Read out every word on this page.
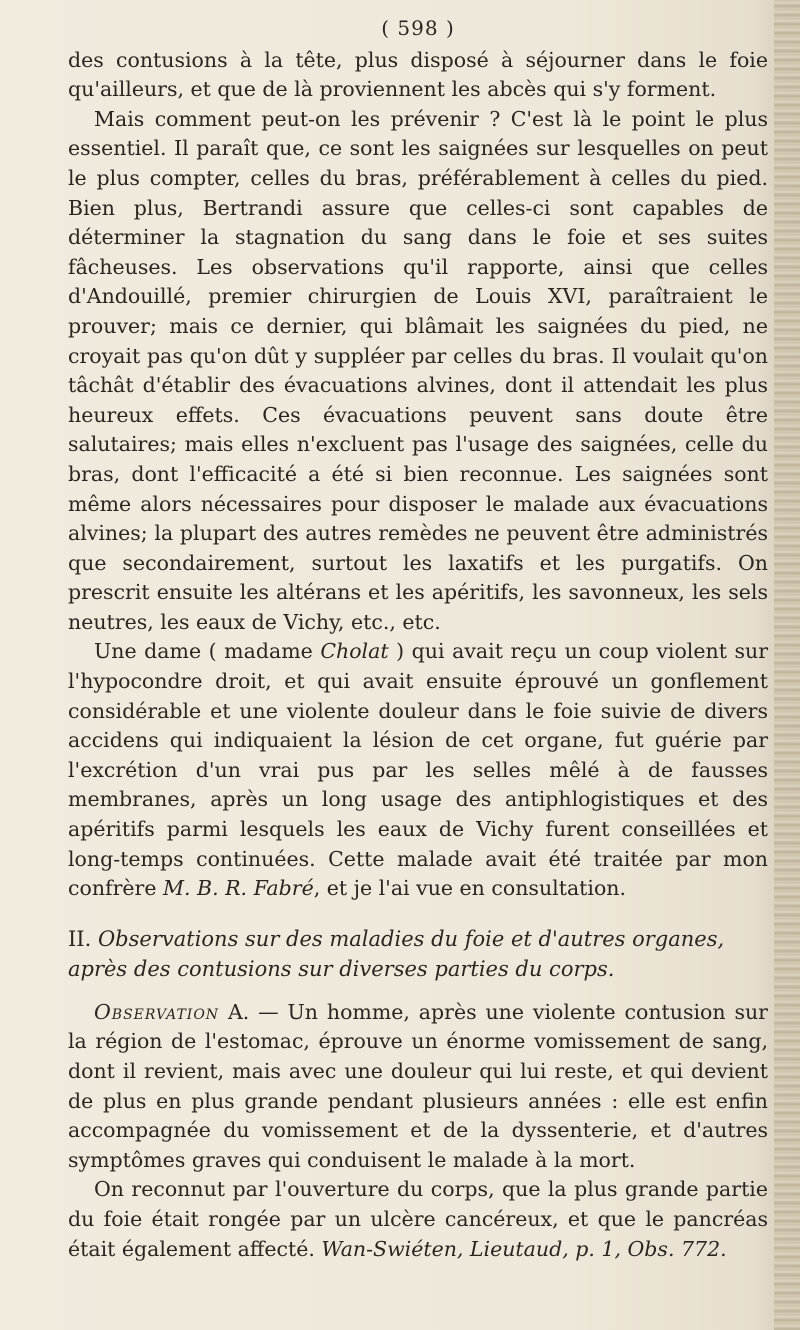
( 598 )

des contusions à la tête, plus disposé à séjourner dans le foie qu'ailleurs, et que de là proviennent les abcès qui s'y forment.

Mais comment peut-on les prévenir ? C'est là le point le plus essentiel. Il paraît que, ce sont les saignées sur lesquelles on peut le plus compter, celles du bras, préférablement à celles du pied. Bien plus, Bertrandi assure que celles-ci sont capables de déterminer la stagnation du sang dans le foie et ses suites fâcheuses. Les observations qu'il rapporte, ainsi que celles d'Andouillé, premier chirurgien de Louis XVI, paraîtraient le prouver; mais ce dernier, qui blâmait les saignées du pied, ne croyait pas qu'on dût y suppléer par celles du bras. Il voulait qu'on tâchât d'établir des évacuations alvines, dont il attendait les plus heureux effets. Ces évacuations peuvent sans doute être salutaires; mais elles n'excluent pas l'usage des saignées, celle du bras, dont l'efficacité a été si bien reconnue. Les saignées sont même alors nécessaires pour disposer le malade aux évacuations alvines; la plupart des autres remèdes ne peuvent être administrés que secondairement, surtout les laxatifs et les purgatifs. On prescrit ensuite les altérans et les apéritifs, les savonneux, les sels neutres, les eaux de Vichy, etc., etc.

Une dame ( madame Cholat ) qui avait reçu un coup violent sur l'hypocondre droit, et qui avait ensuite éprouvé un gonflement considérable et une violente douleur dans le foie suivie de divers accidens qui indiquaient la lésion de cet organe, fut guérie par l'excrétion d'un vrai pus par les selles mêlé à de fausses membranes, après un long usage des antiphlogistiques et des apéritifs parmi lesquels les eaux de Vichy furent conseillées et long-temps continuées. Cette malade avait été traitée par mon confrère M. B. R. Fabré, et je l'ai vue en consultation.

II. Observations sur des maladies du foie et d'autres organes, après des contusions sur diverses parties du corps.

Observation A. — Un homme, après une violente contusion sur la région de l'estomac, éprouve un énorme vomissement de sang, dont il revient, mais avec une douleur qui lui reste, et qui devient de plus en plus grande pendant plusieurs années : elle est enfin accompagnée du vomissement et de la dyssenterie, et d'autres symptômes graves qui conduisent le malade à la mort.

On reconnut par l'ouverture du corps, que la plus grande partie du foie était rongée par un ulcère cancéreux, et que le pancréas était également affecté. Wan-Swiéten, Lieutaud, p. 1, Obs. 772.
